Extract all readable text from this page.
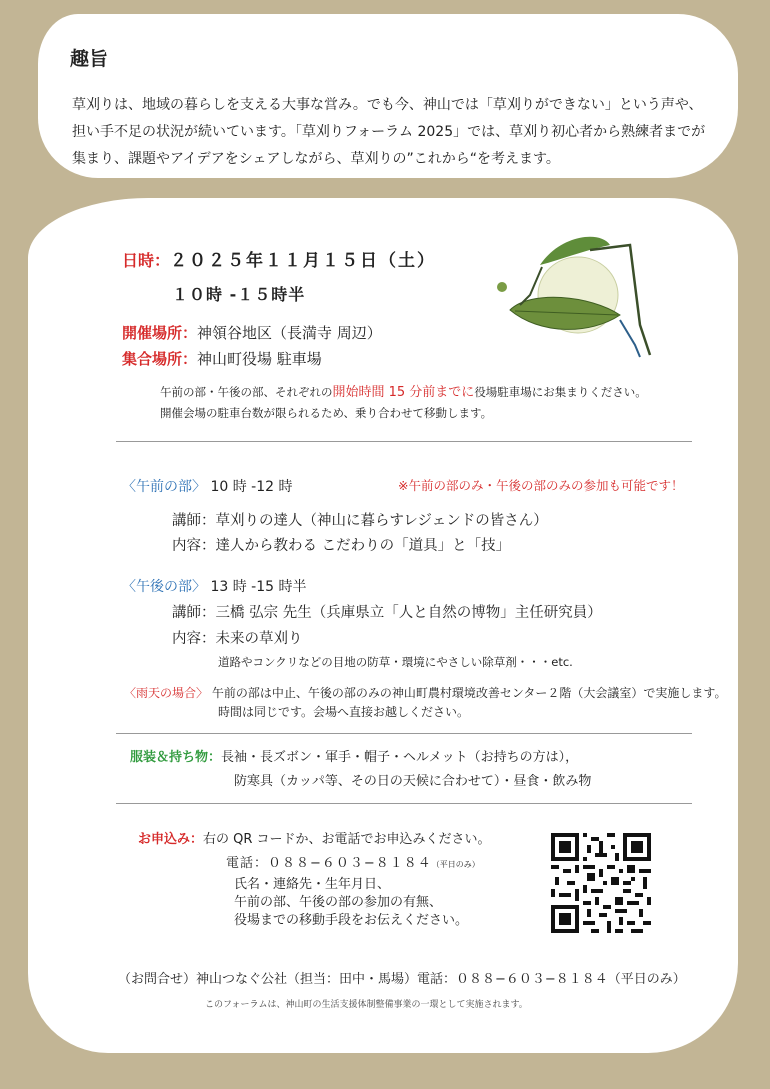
趣旨
草刈りは、地域の暮らしを支える大事な営み。でも今、神山では「草刈りができない」という声や、担い手不足の状況が続いています。「草刈りフォーラム 2025」では、草刈り初心者から熟練者までが集まり、課題やアイデアをシェアしながら、草刈りの”これから“を考えます。
日時：２０２５年１１月１５日（土）
１０時 -１５時半
開催場所：神領谷地区（長満寺 周辺）
集合場所：神山町役場 駐車場
午前の部・午後の部、それぞれの開始時間 15 分前までに役場駐車場にお集まりください。
開催会場の駐車台数が限られるため、乗り合わせて移動します。
〈午前の部〉 10 時 -12 時	※午前の部のみ・午後の部のみの参加も可能です！
講師：草刈りの達人（神山に暮らすレジェンドの皆さん）
内容：達人から教わる こだわりの「道具」と「技」
〈午後の部〉 13 時 -15 時半
講師：三橋 弘宗 先生（兵庫県立「人と自然の博物」主任研究員）
内容：未来の草刈り
道路やコンクリなどの目地の防草・環境にやさしい除草剤・・・etc.
〈雨天の場合〉 午前の部は中止、午後の部のみの神山町農村環境改善センター２階（大会議室）で実施します。
時間は同じです。会場へ直接お越しください。
服装＆持ち物：長袖・長ズボン・軍手・帽子・ヘルメット（お持ちの方は），
防寒具（カッパ等、その日の天候に合わせて）・昼食・飲み物
お申込み：右の QR コードか、お電話でお申込みください。
電話：０８８−６０３−８１８４（平日のみ）
氏名・連絡先・生年月日、
午前の部、午後の部の参加の有無、
役場までの移動手段をお伝えください。
（お問合せ）神山つなぐ公社（担当：田中・馬場）電話：０８８−６０３−８１８４（平日のみ）
このフォーラムは、神山町の生活支援体制整備事業の一環として実施されます。
